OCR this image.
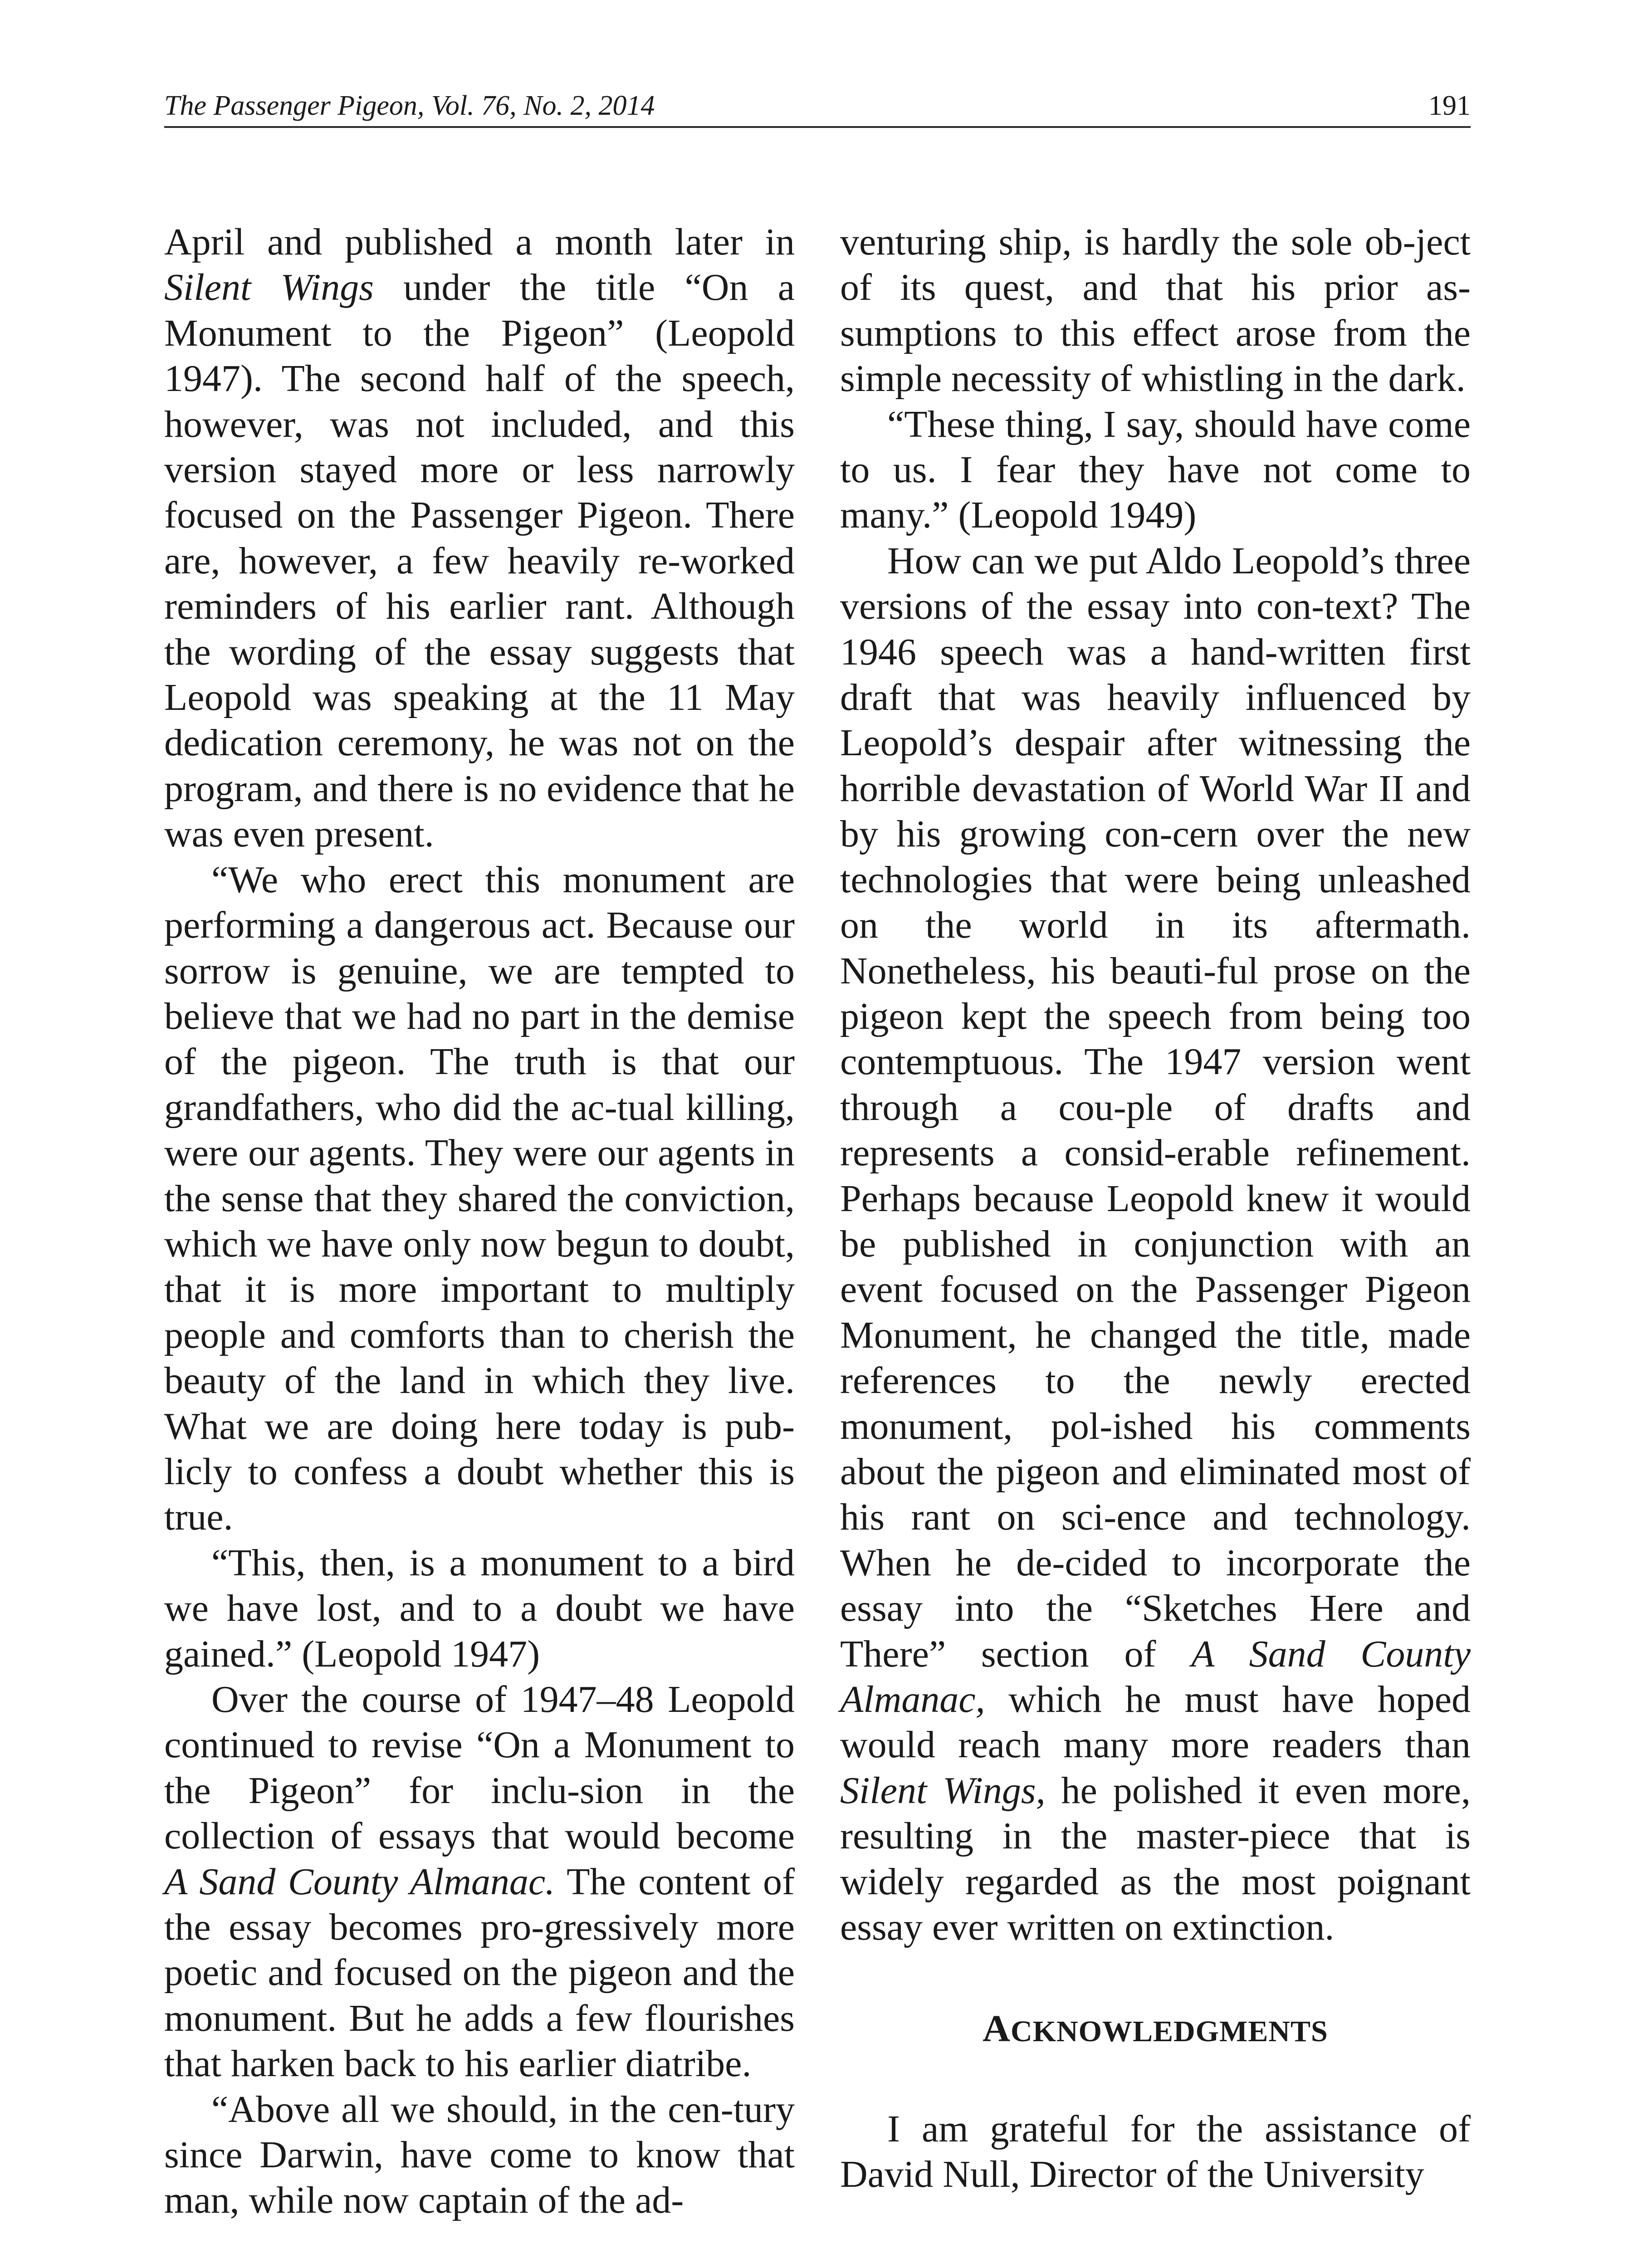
The Passenger Pigeon, Vol. 76, No. 2, 2014	191

April and published a month later in Silent Wings under the title “On a Monument to the Pigeon” (Leopold 1947). The second half of the speech, however, was not included, and this version stayed more or less narrowly focused on the Passenger Pigeon. There are, however, a few heavily re-worked reminders of his earlier rant. Although the wording of the essay suggests that Leopold was speaking at the 11 May dedication ceremony, he was not on the program, and there is no evidence that he was even present.

“We who erect this monument are performing a dangerous act. Because our sorrow is genuine, we are tempted to believe that we had no part in the demise of the pigeon. The truth is that our grandfathers, who did the ac-tual killing, were our agents. They were our agents in the sense that they shared the conviction, which we have only now begun to doubt, that it is more important to multiply people and comforts than to cherish the beauty of the land in which they live. What we are doing here today is pub-licly to confess a doubt whether this is true.

“This, then, is a monument to a bird we have lost, and to a doubt we have gained.” (Leopold 1947)

Over the course of 1947–48 Leopold continued to revise “On a Monument to the Pigeon” for inclu-sion in the collection of essays that would become A Sand County Almanac. The content of the essay becomes pro-gressively more poetic and focused on the pigeon and the monument. But he adds a few flourishes that harken back to his earlier diatribe.

“Above all we should, in the cen-tury since Darwin, have come to know that man, while now captain of the ad-

venturing ship, is hardly the sole ob-ject of its quest, and that his prior as-sumptions to this effect arose from the simple necessity of whistling in the dark.

“These thing, I say, should have come to us. I fear they have not come to many.” (Leopold 1949)

How can we put Aldo Leopold’s three versions of the essay into con-text? The 1946 speech was a hand-written first draft that was heavily influenced by Leopold’s despair after witnessing the horrible devastation of World War II and by his growing con-cern over the new technologies that were being unleashed on the world in its aftermath. Nonetheless, his beauti-ful prose on the pigeon kept the speech from being too contemptuous. The 1947 version went through a cou-ple of drafts and represents a consid-erable refinement. Perhaps because Leopold knew it would be published in conjunction with an event focused on the Passenger Pigeon Monument, he changed the title, made references to the newly erected monument, pol-ished his comments about the pigeon and eliminated most of his rant on sci-ence and technology. When he de-cided to incorporate the essay into the “Sketches Here and There” section of A Sand County Almanac, which he must have hoped would reach many more readers than Silent Wings, he polished it even more, resulting in the master-piece that is widely regarded as the most poignant essay ever written on extinction.

ACKNOWLEDGMENTS

I am grateful for the assistance of David Null, Director of the University
